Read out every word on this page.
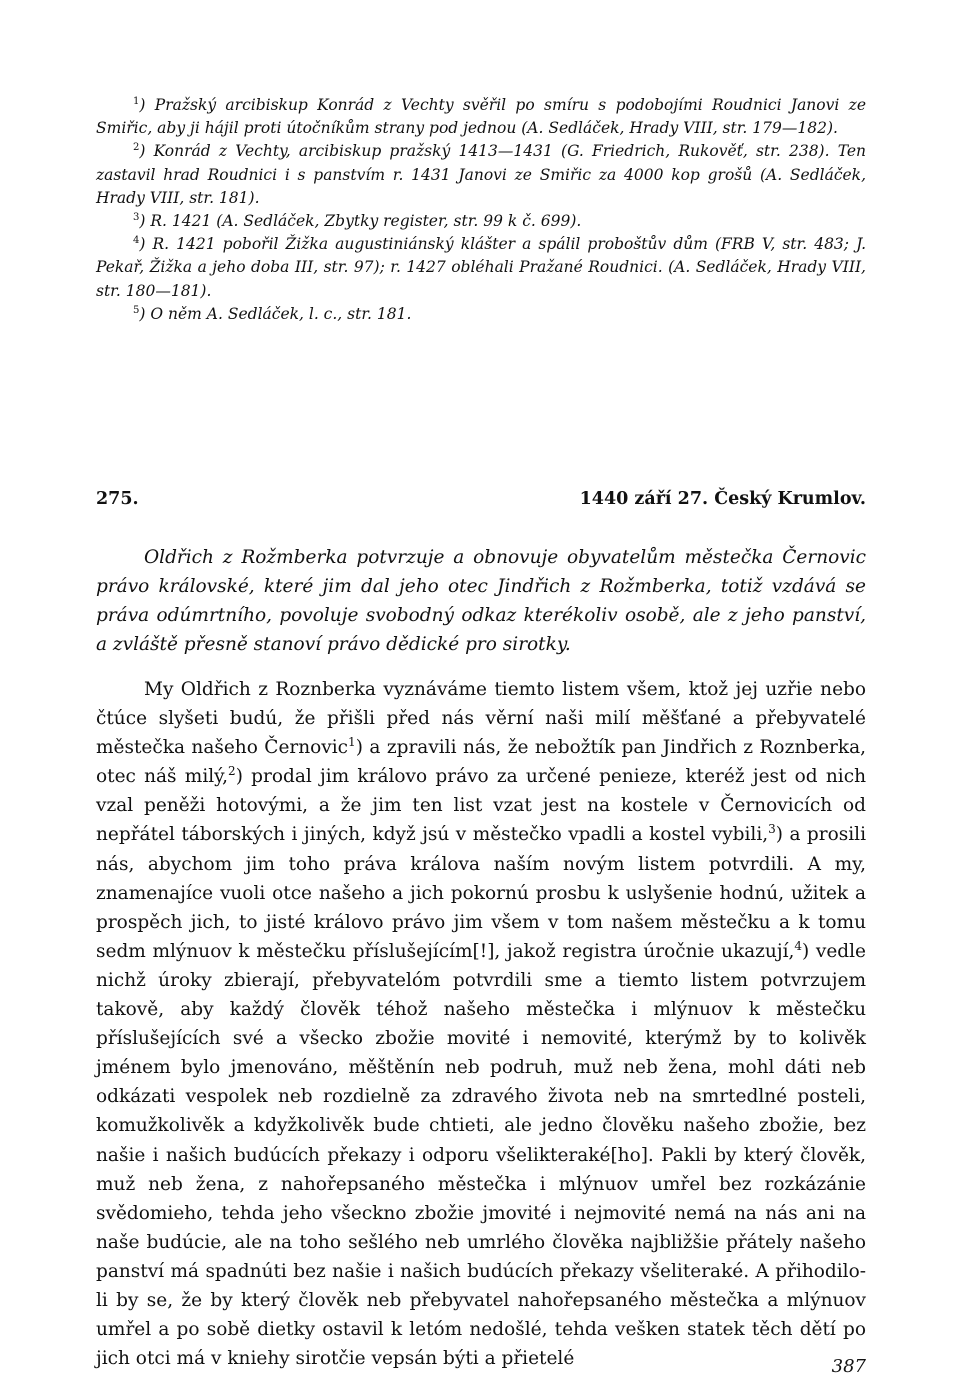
$^1$) Pražský arcibiskup Konrád z Vechty svěřil po smíru s podobojími Roudnici Janovi ze Smiřic, aby ji hájil proti útočníkům strany pod jednou (A. Sedláček, Hrady VIII, str. 179—182).

$^2$) Konrád z Vechty, arcibiskup pražský 1413—1431 (G. Friedrich, Rukověť, str. 238). Ten zastavil hrad Roudnici i s panstvím r. 1431 Janovi ze Smiřic za 4000 kop grošů (A. Sedláček, Hrady VIII, str. 181).

$^3$) R. 1421 (A. Sedláček, Zbytky register, str. 99 k č. 699).

$^4$) R. 1421 pobořil Žižka augustiniánský klášter a spálil proboštův dům (FRB V, str. 483; J. Pekař, Žižka a jeho doba III, str. 97); r. 1427 obléhali Pražané Roudnici. (A. Sedláček, Hrady VIII, str. 180—181).

$^5$) O něm A. Sedláček, l. c., str. 181.

275.	1440 září 27. Český Krumlov.

Oldřich z Rožmberka potvrzuje a obnovuje obyvatelům městečka Černovic právo královské, které jim dal jeho otec Jindřich z Rožmberka, totiž vzdává se práva odúmrtního, povoluje svobodný odkaz kterékoliv osobě, ale z jeho panství, a zvláště přesně stanoví právo dědické pro sirotky.

My Oldřich z Roznberka vyznáváme tiemto listem všem, ktož jej uzřie nebo čtúce slyšeti budú, že přišli před nás věrní naši milí měšťané a přebyvatelé městečka našeho Černovic$^1$) a zpravili nás, že nebožtík pan Jindřich z Roznberka, otec náš milý,$^2$) prodal jim královo právo za určené penieze, kteréž jest od nich vzal peněži hotovými, a že jim ten list vzat jest na kostele v Černovicích od nepřátel táborských i jiných, když jsú v městečko vpadli a kostel vybili,$^3$) a prosili nás, abychom jim toho práva králova naším novým listem potvrdili. A my, znamenajíce vuoli otce našeho a jich pokornú prosbu k uslyšenie hodnú, užitek a prospěch jich, to jisté královo právo jim všem v tom našem městečku a k tomu sedm mlýnuov k městečku příslušejícím[!], jakož registra úročnie ukazují,$^4$) vedle nichž úroky zbierají, přebyvatelóm potvrdili sme a tiemto listem potvrzujem takově, aby každý člověk téhož našeho městečka i mlýnuov k městečku příslušejících své a všecko zbožie movité i nemovité, kterýmž by to kolivěk jménem bylo jmenováno, měštěnín neb podruh, muž neb žena, mohl dáti neb odkázati vespolek neb rozdielně za zdravého života neb na smrtedlné posteli, komužkolivěk a kdyžkolivěk bude chtieti, ale jedno člověku našeho zbožie, bez našie i našich budúcích překazy i odporu všelikteraké[ho]. Pakli by který člověk, muž neb žena, z nahořepsaného městečka i mlýnuov umřel bez rozkázánie svědomieho, tehda jeho všeckno zbožie jmovité i nejmovité nemá na nás ani na naše budúcie, ale na toho sešlého neb umrlého člověka najbližšie přátely našeho panství má spadnúti bez našie i našich budúcích překazy všeliteraké. A přihodilo-li by se, že by který člověk neb přebyvatel nahořepsaného městečka a mlýnuov umřel a po sobě dietky ostavil k letóm nedošlé, tehda vešken statek těch dětí po jich otci má v kniehy sirotčie vepsán býti a přietelé	387
